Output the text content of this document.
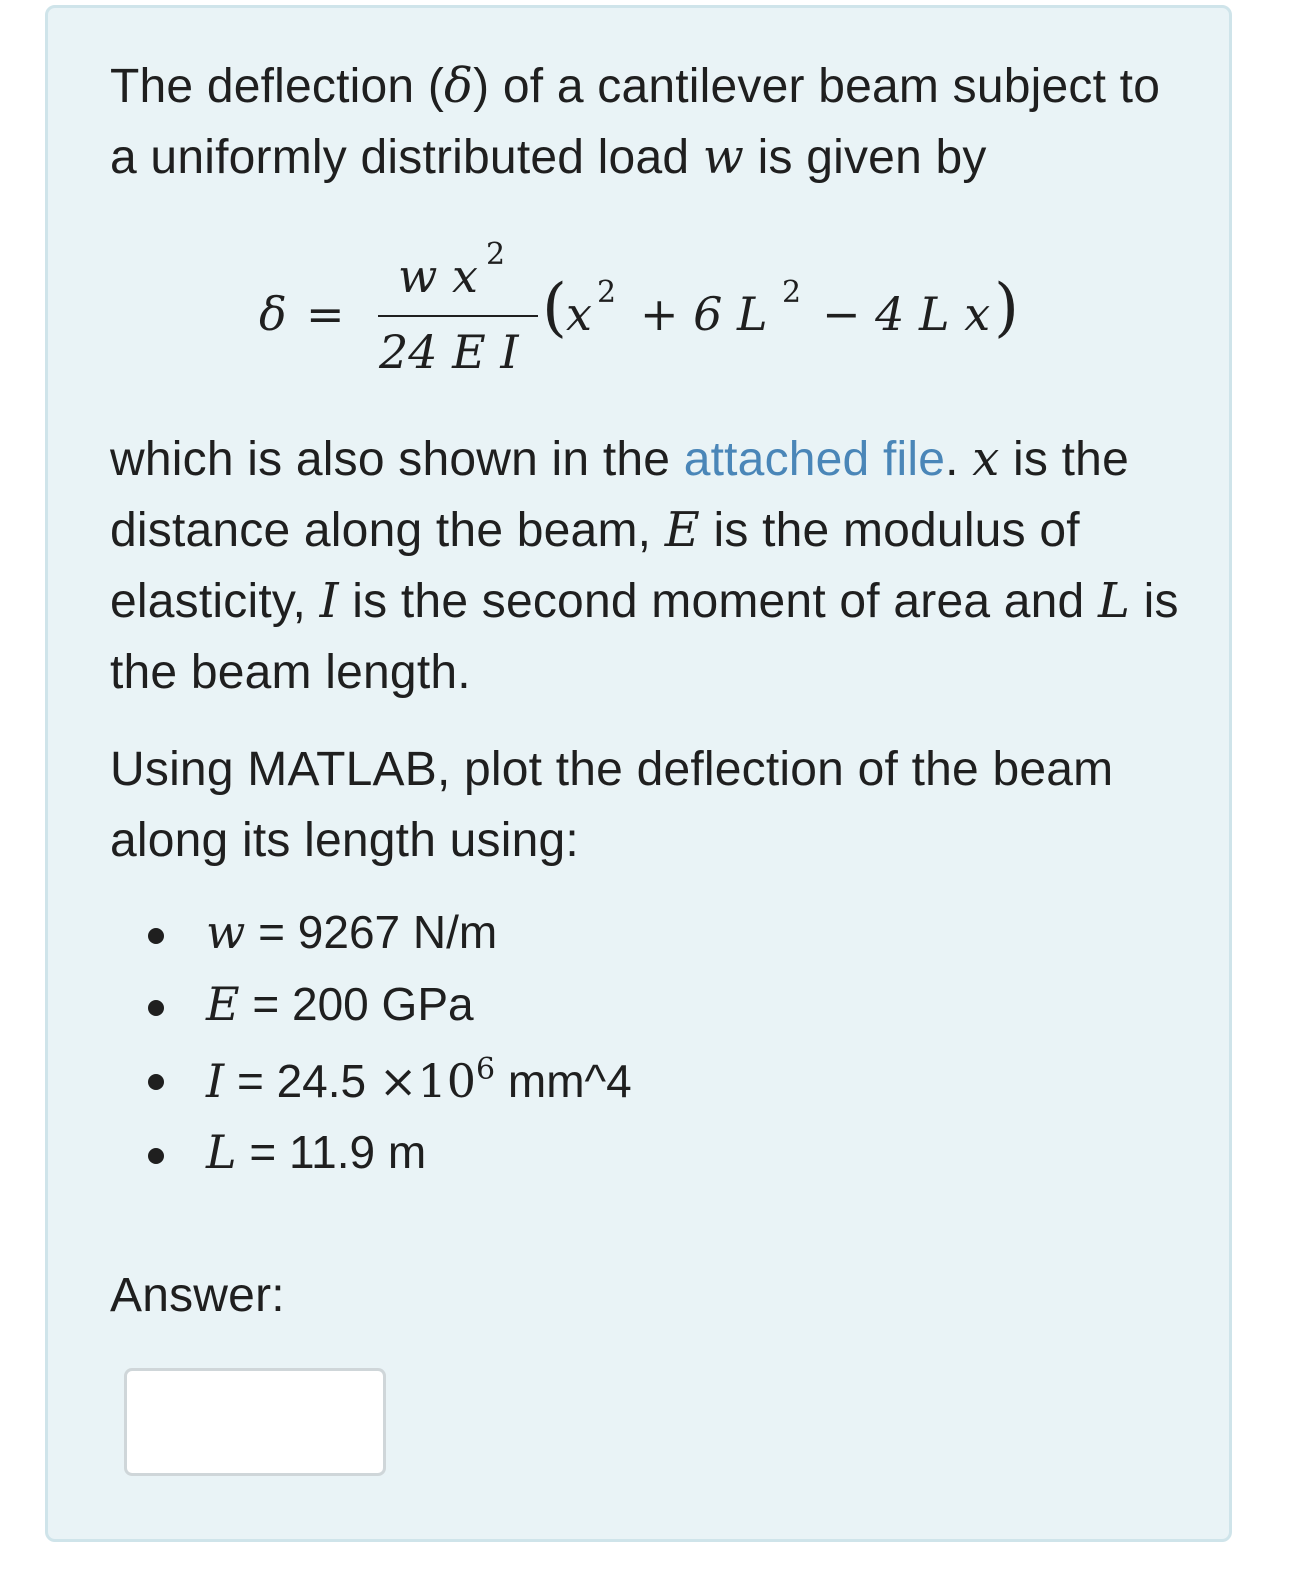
The deflection (δ) of a cantilever beam subject to a uniformly distributed load w is given by

δ =
w x 2
24 E I
( x 2 + 6 L 2 − 4 L x )

which is also shown in the attached file. x is the distance along the beam, E is the modulus of elasticity, I is the second moment of area and L is the beam length.

Using MATLAB, plot the deflection of the beam along its length using:

w = 9267 N/m
E = 200 GPa
$I = 24.5 \times 10^6$ mm^4
L = 11.9 m

Answer:
